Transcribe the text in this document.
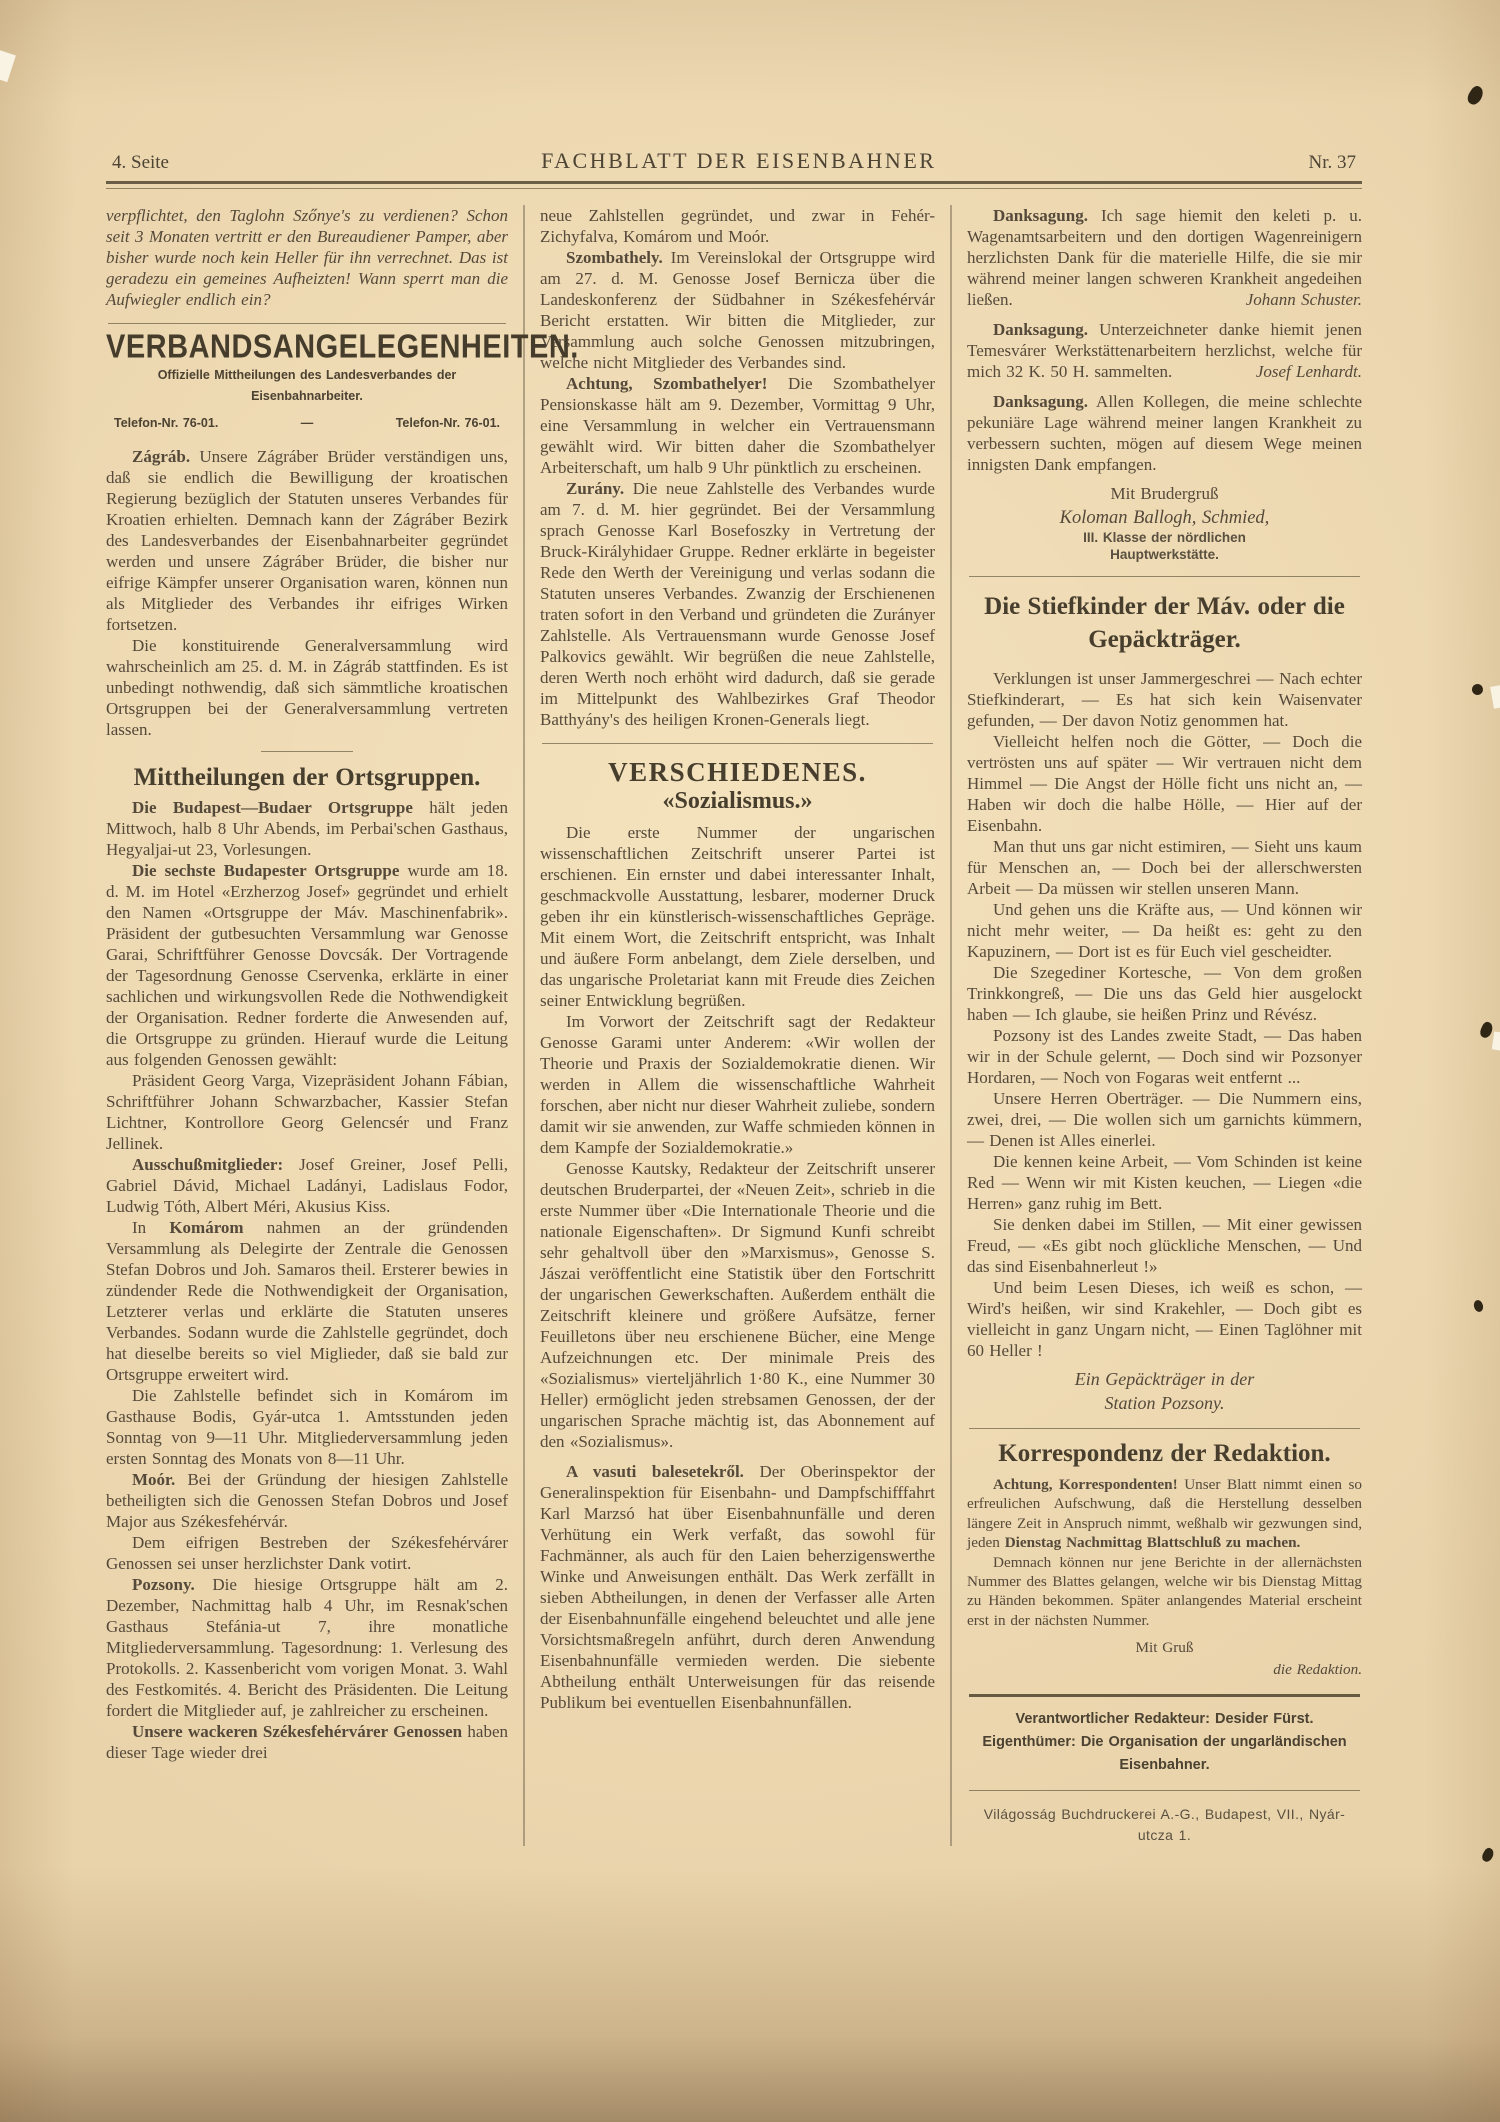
4. Seite	FACHBLATT DER EISENBAHNER	Nr. 37

verpflichtet, den Taglohn Szőnye's zu verdienen? Schon seit 3 Monaten vertritt er den Bureaudiener Pamper, aber bisher wurde noch kein Heller für ihn verrechnet. Das ist geradezu ein gemeines Aufheizten! Wann sperrt man die Aufwiegler endlich ein?

VERBANDSANGELEGENHEITEN.
Offizielle Mittheilungen des Landesverbandes der Eisenbahnarbeiter.
Telefon-Nr. 76-01.	—	Telefon-Nr. 76-01.

Zágráb. Unsere Zágráber Brüder verständigen uns, daß sie endlich die Bewilligung der kroatischen Regierung bezüglich der Statuten unseres Verbandes für Kroatien erhielten. Demnach kann der Zágráber Bezirk des Landesverbandes der Eisenbahnarbeiter gegründet werden und unsere Zágráber Brüder, die bisher nur eifrige Kämpfer unserer Organisation waren, können nun als Mitglieder des Verbandes ihr eifriges Wirken fortsetzen.

Die konstituirende Generalversammlung wird wahrscheinlich am 25. d. M. in Zágráb stattfinden. Es ist unbedingt nothwendig, daß sich sämmtliche kroatischen Ortsgruppen bei der Generalversammlung vertreten lassen.

Mittheilungen der Ortsgruppen.

Die Budapest—Budaer Ortsgruppe hält jeden Mittwoch, halb 8 Uhr Abends, im Perbai'schen Gasthaus, Hegyaljai-ut 23, Vorlesungen.

Die sechste Budapester Ortsgruppe wurde am 18. d. M. im Hotel «Erzherzog Josef» gegründet und erhielt den Namen «Ortsgruppe der Máv. Maschinenfabrik». Präsident der gutbesuchten Versammlung war Genosse Garai, Schriftführer Genosse Dovcsák. Der Vortragende der Tagesordnung Genosse Cservenka, erklärte in einer sachlichen und wirkungsvollen Rede die Nothwendigkeit der Organisation. Redner forderte die Anwesenden auf, die Ortsgruppe zu gründen. Hierauf wurde die Leitung aus folgenden Genossen gewählt:

Präsident Georg Varga, Vizepräsident Johann Fábian, Schriftführer Johann Schwarzbacher, Kassier Stefan Lichtner, Kontrollore Georg Gelencsér und Franz Jellinek.

Ausschußmitglieder: Josef Greiner, Josef Pelli, Gabriel Dávid, Michael Ladányi, Ladislaus Fodor, Ludwig Tóth, Albert Méri, Akusius Kiss.

In Komárom nahmen an der gründenden Versammlung als Delegirte der Zentrale die Genossen Stefan Dobros und Joh. Samaros theil. Ersterer bewies in zündender Rede die Nothwendigkeit der Organisation, Letzterer verlas und erklärte die Statuten unseres Verbandes. Sodann wurde die Zahlstelle gegründet, doch hat dieselbe bereits so viel Miglieder, daß sie bald zur Ortsgruppe erweitert wird.

Die Zahlstelle befindet sich in Komárom im Gasthause Bodis, Gyár-utca 1. Amtsstunden jeden Sonntag von 9—11 Uhr. Mitgliederversammlung jeden ersten Sonntag des Monats von 8—11 Uhr.

Moór. Bei der Gründung der hiesigen Zahlstelle betheiligten sich die Genossen Stefan Dobros und Josef Major aus Székesfehérvár.

Dem eifrigen Bestreben der Székesfehérvárer Genossen sei unser herzlichster Dank votirt.

Pozsony. Die hiesige Ortsgruppe hält am 2. Dezember, Nachmittag halb 4 Uhr, im Resnak'schen Gasthaus Stefánia-ut 7, ihre monatliche Mitgliederversammlung. Tagesordnung: 1. Verlesung des Protokolls. 2. Kassenbericht vom vorigen Monat. 3. Wahl des Festkomités. 4. Bericht des Präsidenten. Die Leitung fordert die Mitglieder auf, je zahlreicher zu erscheinen.

Unsere wackeren Székesfehérvárer Genossen haben dieser Tage wieder drei

neue Zahlstellen gegründet, und zwar in Fehér-Zichyfalva, Komárom und Moór.

Szombathely. Im Vereinslokal der Ortsgruppe wird am 27. d. M. Genosse Josef Bernicza über die Landeskonferenz der Südbahner in Székesfehérvár Bericht erstatten. Wir bitten die Mitglieder, zur Versammlung auch solche Genossen mitzubringen, welche nicht Mitglieder des Verbandes sind.

Achtung, Szombathelyer! Die Szombathelyer Pensionskasse hält am 9. Dezember, Vormittag 9 Uhr, eine Versammlung in welcher ein Vertrauensmann gewählt wird. Wir bitten daher die Szombathelyer Arbeiterschaft, um halb 9 Uhr pünktlich zu erscheinen.

Zurány. Die neue Zahlstelle des Verbandes wurde am 7. d. M. hier gegründet. Bei der Versammlung sprach Genosse Karl Bosefoszky in Vertretung der Bruck-Királyhidaer Gruppe. Redner erklärte in begeister Rede den Werth der Vereinigung und verlas sodann die Statuten unseres Verbandes. Zwanzig der Erschienenen traten sofort in den Verband und gründeten die Zurányer Zahlstelle. Als Vertrauensmann wurde Genosse Josef Palkovics gewählt. Wir begrüßen die neue Zahlstelle, deren Werth noch erhöht wird dadurch, daß sie gerade im Mittelpunkt des Wahlbezirkes Graf Theodor Batthyány's des heiligen Kronen-Generals liegt.

VERSCHIEDENES.
«Sozialismus.»

Die erste Nummer der ungarischen wissenschaftlichen Zeitschrift unserer Partei ist erschienen. Ein ernster und dabei interessanter Inhalt, geschmackvolle Ausstattung, lesbarer, moderner Druck geben ihr ein künstlerisch-wissenschaftliches Gepräge. Mit einem Wort, die Zeitschrift entspricht, was Inhalt und äußere Form anbelangt, dem Ziele derselben, und das ungarische Proletariat kann mit Freude dies Zeichen seiner Entwicklung begrüßen.

Im Vorwort der Zeitschrift sagt der Redakteur Genosse Garami unter Anderem: «Wir wollen der Theorie und Praxis der Sozialdemokratie dienen. Wir werden in Allem die wissenschaftliche Wahrheit forschen, aber nicht nur dieser Wahrheit zuliebe, sondern damit wir sie anwenden, zur Waffe schmieden können in dem Kampfe der Sozialdemokratie.»

Genosse Kautsky, Redakteur der Zeitschrift unserer deutschen Bruderpartei, der «Neuen Zeit», schrieb in die erste Nummer über «Die Internationale Theorie und die nationale Eigenschaften». Dr Sigmund Kunfi schreibt sehr gehaltvoll über den »Marxismus», Genosse S. Jászai veröffentlicht eine Statistik über den Fortschritt der ungarischen Gewerkschaften. Außerdem enthält die Zeitschrift kleinere und größere Aufsätze, ferner Feuilletons über neu erschienene Bücher, eine Menge Aufzeichnungen etc. Der minimale Preis des «Sozialismus» vierteljährlich 1·80 K., eine Nummer 30 Heller) ermöglicht jeden strebsamen Genossen, der der ungarischen Sprache mächtig ist, das Abonnement auf den «Sozialismus».

A vasuti balesetekről. Der Oberinspektor der Generalinspektion für Eisenbahn- und Dampfschifffahrt Karl Marzsó hat über Eisenbahnunfälle und deren Verhütung ein Werk verfaßt, das sowohl für Fachmänner, als auch für den Laien beherzigenswerthe Winke und Anweisungen enthält. Das Werk zerfällt in sieben Abtheilungen, in denen der Verfasser alle Arten der Eisenbahnunfälle eingehend beleuchtet und alle jene Vorsichtsmaßregeln anführt, durch deren Anwendung Eisenbahnunfälle vermieden werden. Die siebente Abtheilung enthält Unterweisungen für das reisende Publikum bei eventuellen Eisenbahnunfällen.

Danksagung. Ich sage hiemit den keleti p. u. Wagenamtsarbeitern und den dortigen Wagenreinigern herzlichsten Dank für die materielle Hilfe, die sie mir während meiner langen schweren Krankheit angedeihen ließen.	Johann Schuster.

Danksagung. Unterzeichneter danke hiemit jenen Temesvárer Werkstättenarbeitern herzlichst, welche für mich 32 K. 50 H. sammelten.	Josef Lenhardt.

Danksagung. Allen Kollegen, die meine schlechte pekuniäre Lage während meiner langen Krankheit zu verbessern suchten, mögen auf diesem Wege meinen innigsten Dank empfangen.

Mit Brudergruß

Koloman Ballogh, Schmied,

III. Klasse der nördlichen
Hauptwerkstätte.
Die Stiefkinder der Máv. oder die
Gepäckträger.

Verklungen ist unser Jammergeschrei — Nach echter Stiefkinderart, — Es hat sich kein Waisenvater gefunden, — Der davon Notiz genommen hat.

Vielleicht helfen noch die Götter, — Doch die vertrösten uns auf später — Wir vertrauen nicht dem Himmel — Die Angst der Hölle ficht uns nicht an, — Haben wir doch die halbe Hölle, — Hier auf der Eisenbahn.

Man thut uns gar nicht estimiren, — Sieht uns kaum für Menschen an, — Doch bei der allerschwersten Arbeit — Da müssen wir stellen unseren Mann.

Und gehen uns die Kräfte aus, — Und können wir nicht mehr weiter, — Da heißt es: geht zu den Kapuzinern, — Dort ist es für Euch viel gescheidter.

Die Szegediner Kortesche, — Von dem großen Trinkkongreß, — Die uns das Geld hier ausgelockt haben — Ich glaube, sie heißen Prinz und Révész.

Pozsony ist des Landes zweite Stadt, — Das haben wir in der Schule gelernt, — Doch sind wir Pozsonyer Hordaren, — Noch von Fogaras weit entfernt ...

Unsere Herren Oberträger. — Die Nummern eins, zwei, drei, — Die wollen sich um garnichts kümmern, — Denen ist Alles einerlei.

Die kennen keine Arbeit, — Vom Schinden ist keine Red — Wenn wir mit Kisten keuchen, — Liegen «die Herren» ganz ruhig im Bett.

Sie denken dabei im Stillen, — Mit einer gewissen Freud, — «Es gibt noch glückliche Menschen, — Und das sind Eisenbahnerleut !»

Und beim Lesen Dieses, ich weiß es schon, — Wird's heißen, wir sind Krakehler, — Doch gibt es vielleicht in ganz Ungarn nicht, — Einen Taglöhner mit 60 Heller !

Ein Gepäckträger in der
Station Pozsony.
Korrespondenz der Redaktion.

Achtung, Korrespondenten! Unser Blatt nimmt einen so erfreulichen Aufschwung, daß die Herstellung desselben längere Zeit in Anspruch nimmt, weßhalb wir gezwungen sind, jeden Dienstag Nachmittag Blattschluß zu machen.

Demnach können nur jene Berichte in der allernächsten Nummer des Blattes gelangen, welche wir bis Dienstag Mittag zu Händen bekommen. Später anlangendes Material erscheint erst in der nächsten Nummer.

Mit Gruß

die Redaktion.

Verantwortlicher Redakteur: Desider Fürst.
Eigenthümer: Die Organisation der ungarländischen Eisenbahner.
Világosság Buchdruckerei A.-G., Budapest, VII., Nyár-utcza 1.
